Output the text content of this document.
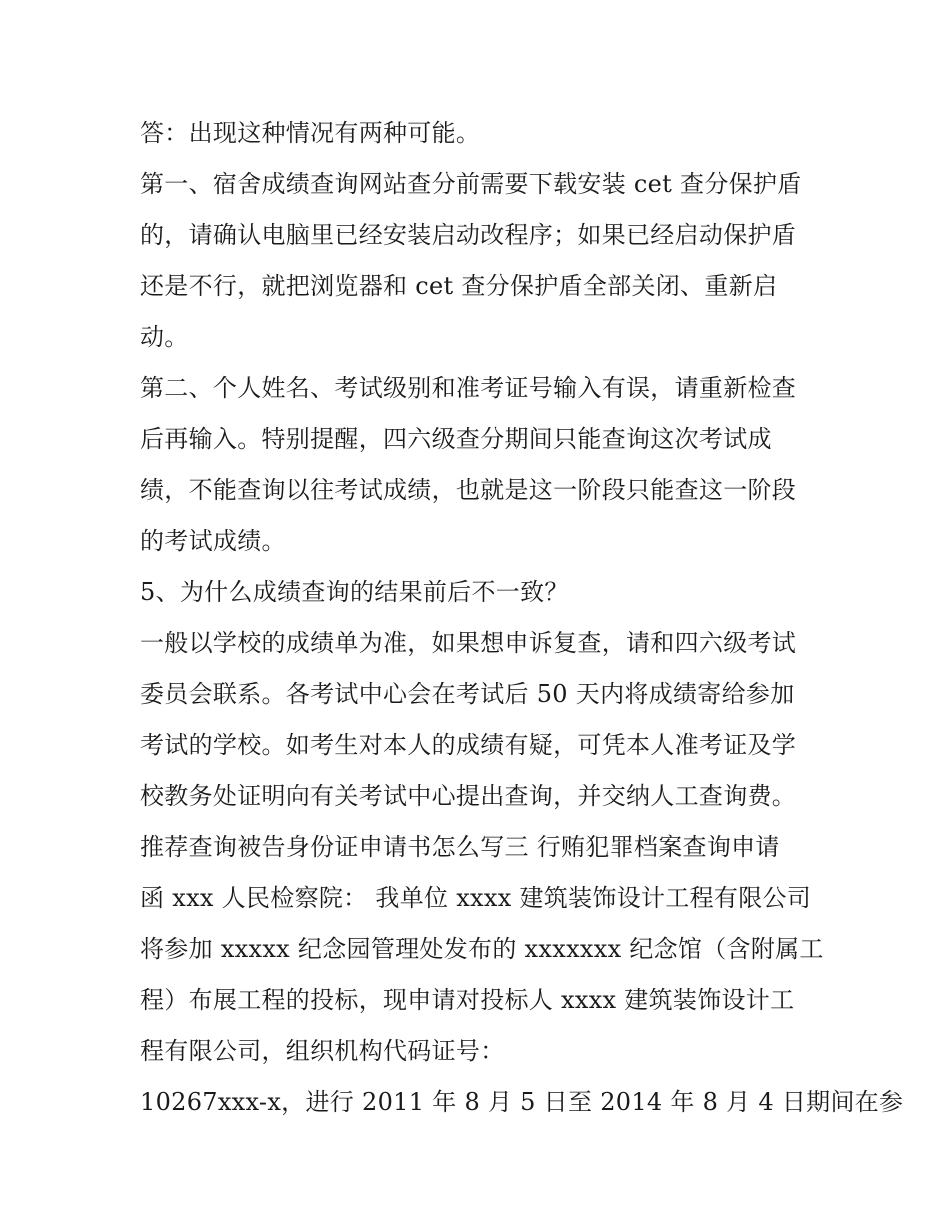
答：出现这种情况有两种可能。
第一、宿舍成绩查询网站查分前需要下载安装 cet 查分保护盾
的，请确认电脑里已经安装启动改程序；如果已经启动保护盾
还是不行，就把浏览器和 cet 查分保护盾全部关闭、重新启
动。
第二、个人姓名、考试级别和准考证号输入有误，请重新检查
后再输入。特别提醒，四六级查分期间只能查询这次考试成
绩，不能查询以往考试成绩，也就是这一阶段只能查这一阶段
的考试成绩。
5、为什么成绩查询的结果前后不一致？
一般以学校的成绩单为准，如果想申诉复查，请和四六级考试
委员会联系。各考试中心会在考试后 50 天内将成绩寄给参加
考试的学校。如考生对本人的成绩有疑，可凭本人准考证及学
校教务处证明向有关考试中心提出查询，并交纳人工查询费。
推荐查询被告身份证申请书怎么写三 行贿犯罪档案查询申请
函 xxx 人民检察院： 我单位 xxxx 建筑装饰设计工程有限公司
将参加 xxxxx 纪念园管理处发布的 xxxxxxx 纪念馆（含附属工
程）布展工程的投标，现申请对投标人 xxxx 建筑装饰设计工
程有限公司，组织机构代码证号：
10267xxx-x，进行 2011 年 8 月 5 日至 2014 年 8 月 4 日期间在参
